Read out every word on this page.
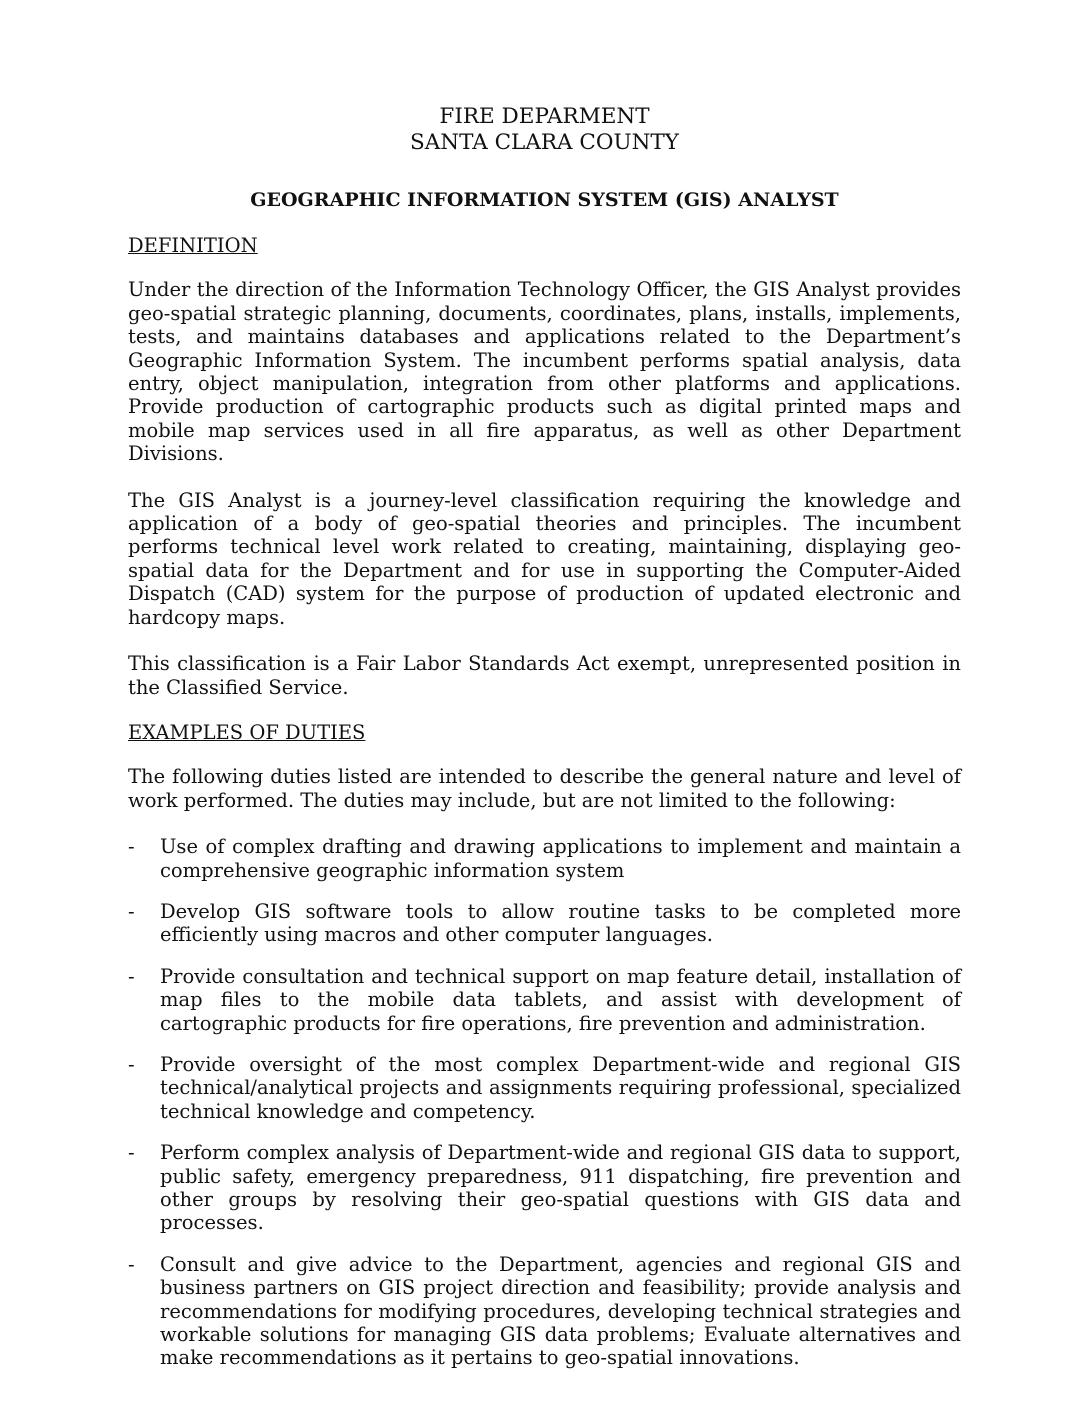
FIRE DEPARMENT
SANTA CLARA COUNTY
GEOGRAPHIC INFORMATION SYSTEM (GIS) ANALYST
DEFINITION

Under the direction of the Information Technology Officer, the GIS Analyst provides geo-spatial strategic planning, documents, coordinates, plans, installs, implements, tests, and maintains databases and applications related to the Department’s Geographic Information System. The incumbent performs spatial analysis, data entry, object manipulation, integration from other platforms and applications. Provide production of cartographic products such as digital printed maps and mobile map services used in all fire apparatus, as well as other Department Divisions.

The GIS Analyst is a journey-level classification requiring the knowledge and application of a body of geo-spatial theories and principles. The incumbent performs technical level work related to creating, maintaining, displaying geo-spatial data for the Department and for use in supporting the Computer-Aided Dispatch (CAD) system for the purpose of production of updated electronic and hardcopy maps.

This classification is a Fair Labor Standards Act exempt, unrepresented position in the Classified Service.

EXAMPLES OF DUTIES

The following duties listed are intended to describe the general nature and level of work performed. The duties may include, but are not limited to the following:

- Use of complex drafting and drawing applications to implement and maintain a comprehensive geographic information system
- Develop GIS software tools to allow routine tasks to be completed more efficiently using macros and other computer languages.
- Provide consultation and technical support on map feature detail, installation of map files to the mobile data tablets, and assist with development of cartographic products for fire operations, fire prevention and administration.
- Provide oversight of the most complex Department-wide and regional GIS technical/analytical projects and assignments requiring professional, specialized technical knowledge and competency.
- Perform complex analysis of Department-wide and regional GIS data to support, public safety, emergency preparedness, 911 dispatching, fire prevention and other groups by resolving their geo-spatial questions with GIS data and processes.
- Consult and give advice to the Department, agencies and regional GIS and business partners on GIS project direction and feasibility; provide analysis and recommendations for modifying procedures, developing technical strategies and workable solutions for managing GIS data problems; Evaluate alternatives and make recommendations as it pertains to geo-spatial innovations.
